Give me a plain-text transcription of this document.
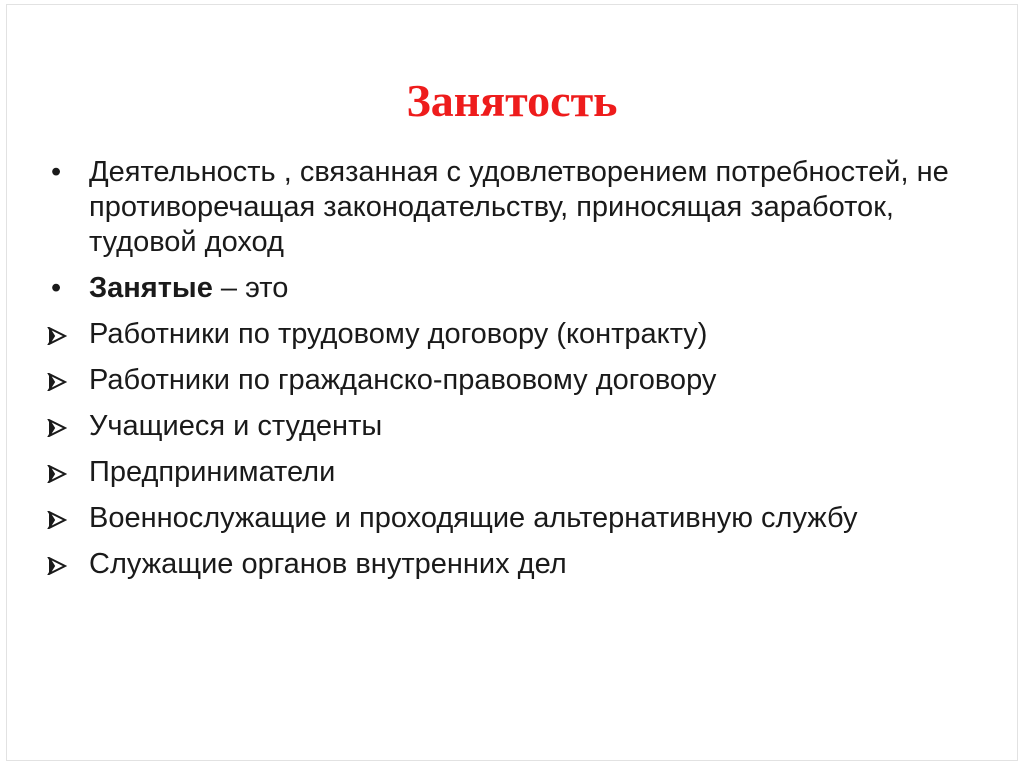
Занятость
• Деятельность , связанная с удовлетворением потребностей, не противоречащая законодательству, приносящая заработок, тудовой доход
• Занятые – это
Работники по трудовому договору (контракту)
Работники по гражданско-правовому договору
Учащиеся и студенты
Предприниматели
Военнослужащие и проходящие альтернативную службу
Служащие органов внутренних дел
